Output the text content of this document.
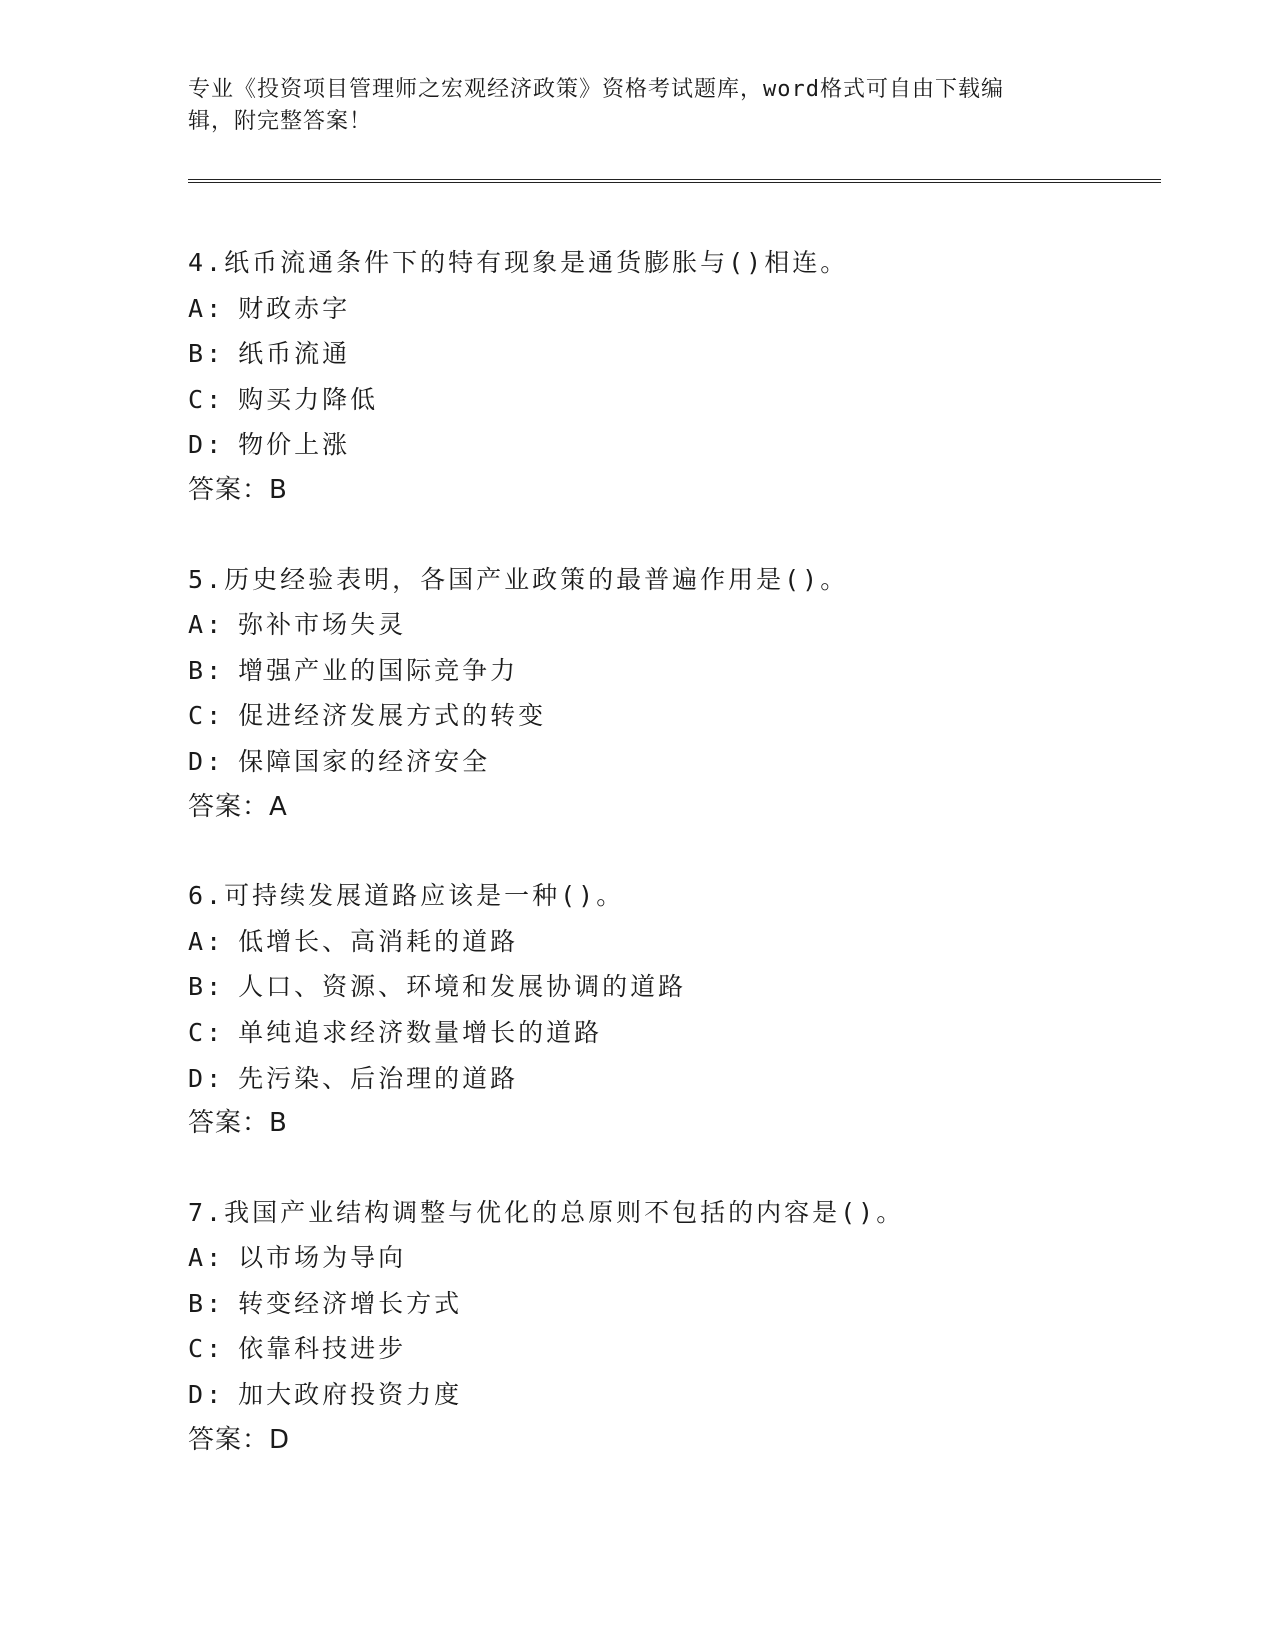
专业《投资项目管理师之宏观经济政策》资格考试题库，word格式可自由下载编
辑，附完整答案！
4.纸币流通条件下的特有现象是通货膨胀与()相连。
A: 财政赤字
B: 纸币流通
C: 购买力降低
D: 物价上涨
答案：B
5.历史经验表明，各国产业政策的最普遍作用是()。
A: 弥补市场失灵
B: 增强产业的国际竞争力
C: 促进经济发展方式的转变
D: 保障国家的经济安全
答案：A
6.可持续发展道路应该是一种()。
A: 低增长、高消耗的道路
B: 人口、资源、环境和发展协调的道路
C: 单纯追求经济数量增长的道路
D: 先污染、后治理的道路
答案：B
7.我国产业结构调整与优化的总原则不包括的内容是()。
A: 以市场为导向
B: 转变经济增长方式
C: 依靠科技进步
D: 加大政府投资力度
答案：D
